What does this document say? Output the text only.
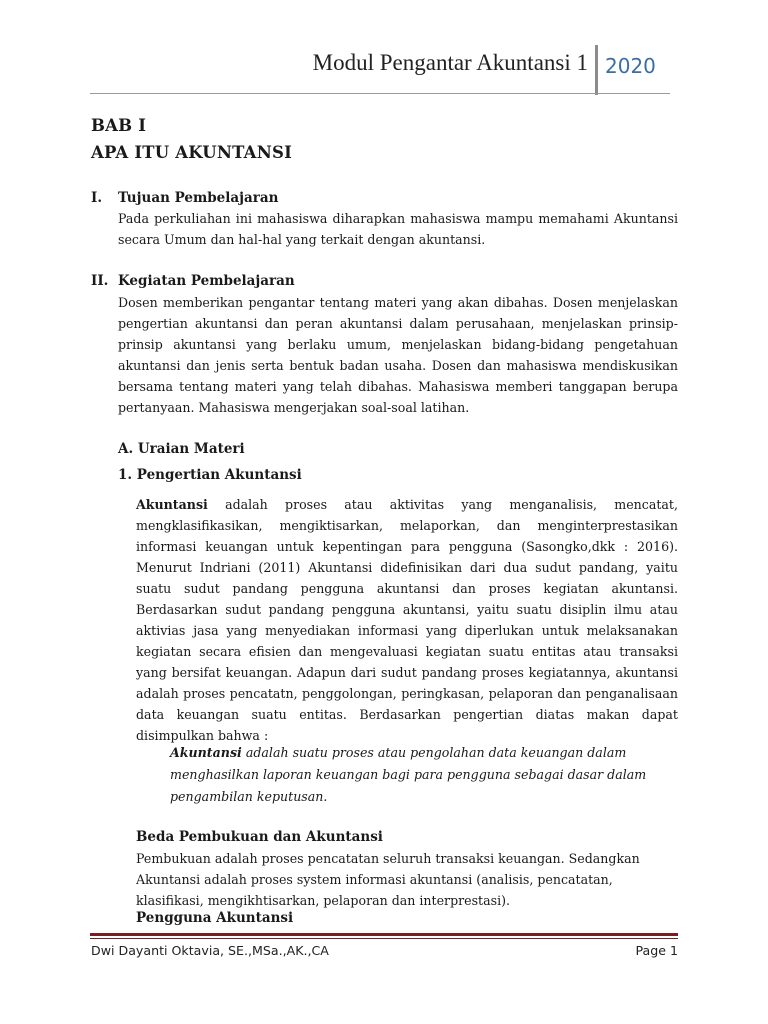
Modul Pengantar Akuntansi 1 2020
BAB I
APA ITU AKUNTANSI
I. Tujuan Pembelajaran

Pada perkuliahan ini mahasiswa diharapkan mahasiswa mampu memahami Akuntansi secara Umum dan hal-hal yang terkait dengan akuntansi.

II. Kegiatan Pembelajaran

Dosen memberikan pengantar tentang materi yang akan dibahas. Dosen menjelaskan pengertian akuntansi dan peran akuntansi dalam perusahaan, menjelaskan prinsip-prinsip akuntansi yang berlaku umum, menjelaskan bidang-bidang pengetahuan akuntansi dan jenis serta bentuk badan usaha. Dosen dan mahasiswa mendiskusikan bersama tentang materi yang telah dibahas. Mahasiswa memberi tanggapan berupa pertanyaan. Mahasiswa mengerjakan soal-soal latihan.

A. Uraian Materi
1. Pengertian Akuntansi

Akuntansi adalah proses atau aktivitas yang menganalisis, mencatat, mengklasifikasikan, mengiktisarkan, melaporkan, dan menginterprestasikan informasi keuangan untuk kepentingan para pengguna (Sasongko,dkk : 2016). Menurut Indriani (2011) Akuntansi didefinisikan dari dua sudut pandang, yaitu suatu sudut pandang pengguna akuntansi dan proses kegiatan akuntansi. Berdasarkan sudut pandang pengguna akuntansi, yaitu suatu disiplin ilmu atau aktivias jasa yang menyediakan informasi yang diperlukan untuk melaksanakan kegiatan secara efisien dan mengevaluasi kegiatan suatu entitas atau transaksi yang bersifat keuangan. Adapun dari sudut pandang proses kegiatannya, akuntansi adalah proses pencatatn, penggolongan, peringkasan, pelaporan dan penganalisaan data keuangan suatu entitas. Berdasarkan pengertian diatas makan dapat disimpulkan bahwa :

Akuntansi adalah suatu proses atau pengolahan data keuangan dalam menghasilkan laporan keuangan bagi para pengguna sebagai dasar dalam pengambilan keputusan.

Beda Pembukuan dan Akuntansi

Pembukuan adalah proses pencatatan seluruh transaksi keuangan. Sedangkan Akuntansi adalah proses system informasi akuntansi (analisis, pencatatan, klasifikasi, mengikhtisarkan, pelaporan dan interprestasi).

Pengguna Akuntansi
Dwi Dayanti Oktavia, SE.,MSa.,AK.,CA	Page 1
